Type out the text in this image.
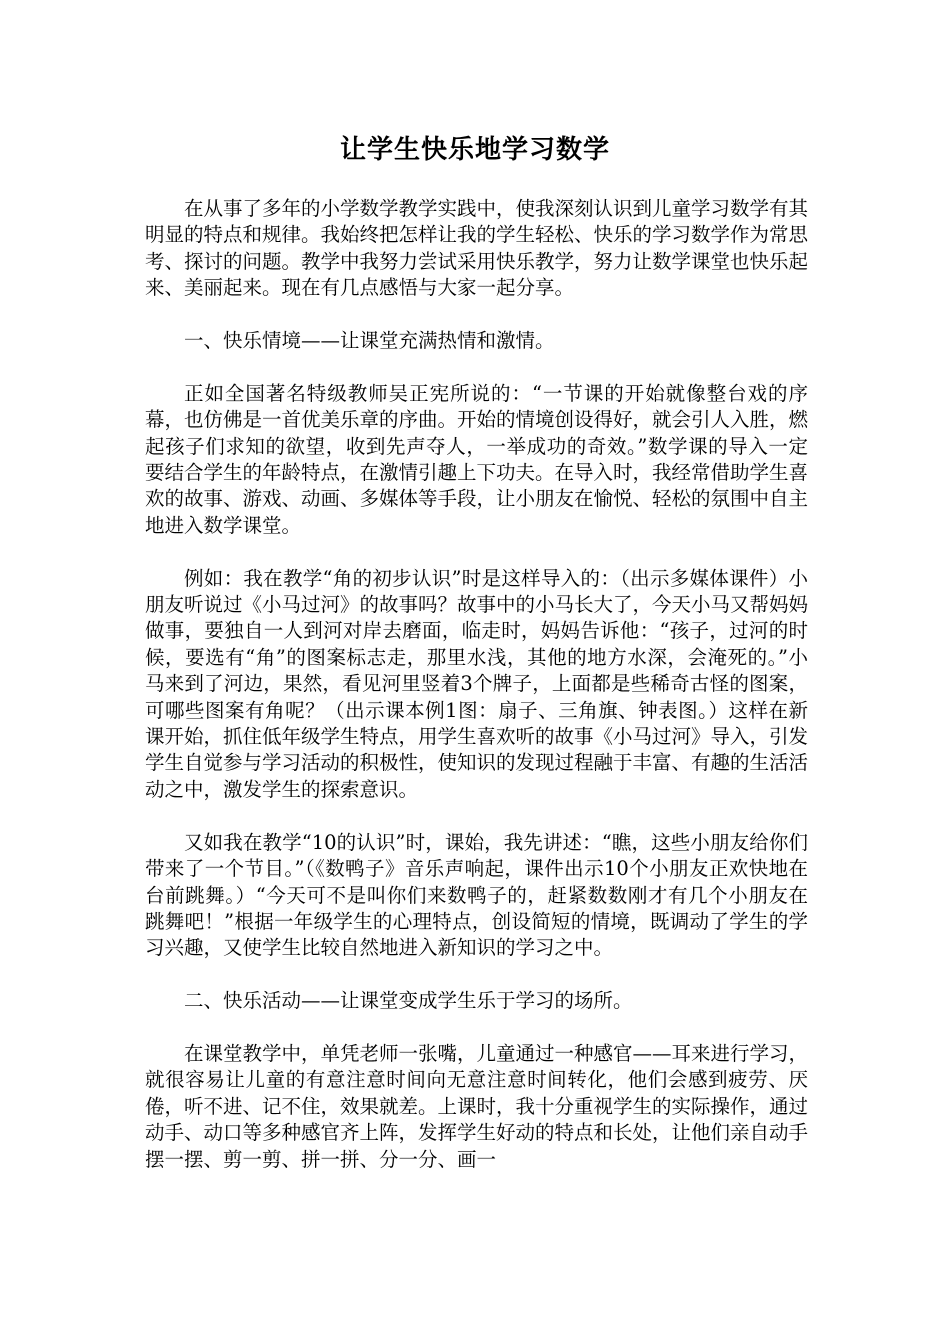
让学生快乐地学习数学

在从事了多年的小学数学教学实践中，使我深刻认识到儿童学习数学有其明显的特点和规律。我始终把怎样让我的学生轻松、快乐的学习数学作为常思考、探讨的问题。教学中我努力尝试采用快乐教学，努力让数学课堂也快乐起来、美丽起来。现在有几点感悟与大家一起分享。

一、快乐情境——让课堂充满热情和激情。

正如全国著名特级教师吴正宪所说的：“一节课的开始就像整台戏的序幕，也仿佛是一首优美乐章的序曲。开始的情境创设得好，就会引人入胜，燃起孩子们求知的欲望，收到先声夺人，一举成功的奇效。”数学课的导入一定要结合学生的年龄特点，在激情引趣上下功夫。在导入时，我经常借助学生喜欢的故事、游戏、动画、多媒体等手段，让小朋友在愉悦、轻松的氛围中自主地进入数学课堂。

例如：我在教学“角的初步认识”时是这样导入的：（出示多媒体课件）小朋友听说过《小马过河》的故事吗？故事中的小马长大了，今天小马又帮妈妈做事，要独自一人到河对岸去磨面，临走时，妈妈告诉他：“孩子，过河的时候，要选有“角”的图案标志走，那里水浅，其他的地方水深，会淹死的。”小马来到了河边，果然，看见河里竖着3个牌子，上面都是些稀奇古怪的图案，可哪些图案有角呢？（出示课本例1图：扇子、三角旗、钟表图。）这样在新课开始，抓住低年级学生特点，用学生喜欢听的故事《小马过河》导入，引发学生自觉参与学习活动的积极性，使知识的发现过程融于丰富、有趣的生活活动之中，激发学生的探索意识。

又如我在教学“10的认识”时，课始，我先讲述：“瞧，这些小朋友给你们带来了一个节目。”（《数鸭子》音乐声响起，课件出示10个小朋友正欢快地在台前跳舞。）“今天可不是叫你们来数鸭子的，赶紧数数刚才有几个小朋友在跳舞吧！”根据一年级学生的心理特点，创设简短的情境，既调动了学生的学习兴趣，又使学生比较自然地进入新知识的学习之中。

二、快乐活动——让课堂变成学生乐于学习的场所。

在课堂教学中，单凭老师一张嘴，儿童通过一种感官——耳来进行学习，就很容易让儿童的有意注意时间向无意注意时间转化，他们会感到疲劳、厌倦，听不进、记不住，效果就差。上课时，我十分重视学生的实际操作，通过动手、动口等多种感官齐上阵，发挥学生好动的特点和长处，让他们亲自动手摆一摆、剪一剪、拼一拼、分一分、画一
